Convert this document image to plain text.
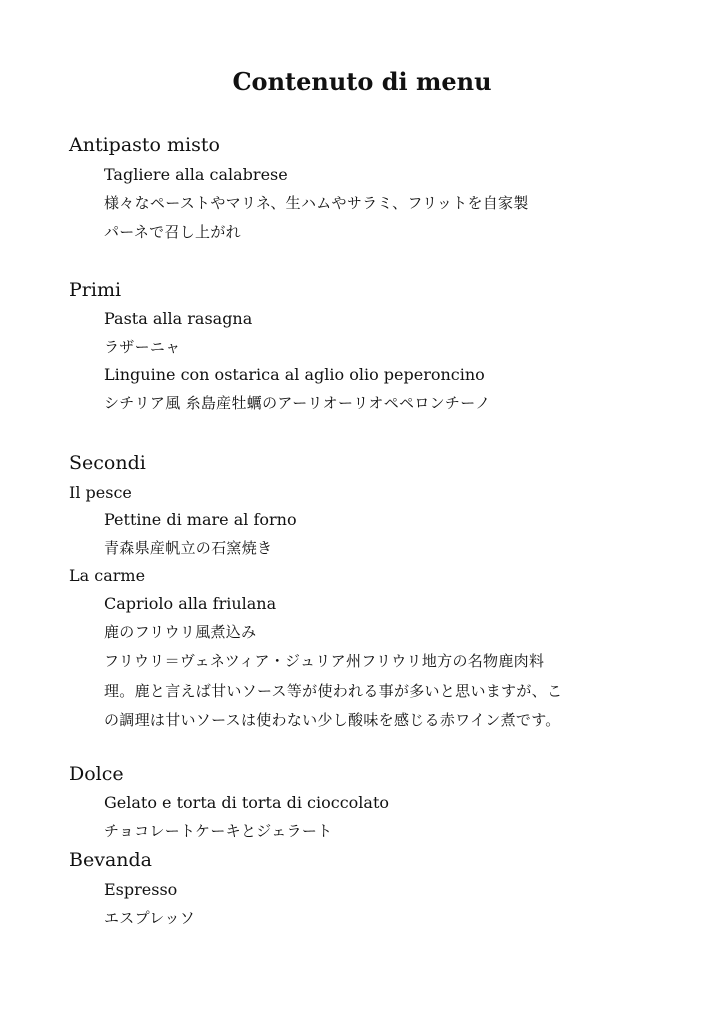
Contenuto di menu
Antipasto misto
Tagliere alla calabrese
様々なペーストやマリネ、生ハムやサラミ、フリットを自家製
パーネで召し上がれ
Primi
Pasta alla rasagna
ラザーニャ
Linguine con ostarica al aglio olio peperoncino
シチリア風 糸島産牡蠣のアーリオーリオペペロンチーノ
Secondi
Il pesce
Pettine di mare al forno
青森県産帆立の石窯焼き
La carme
Capriolo alla friulana
鹿のフリウリ風煮込み
フリウリ＝ヴェネツィア・ジュリア州フリウリ地方の名物鹿肉料
理。鹿と言えば甘いソース等が使われる事が多いと思いますが、こ
の調理は甘いソースは使わない少し酸味を感じる赤ワイン煮です。
Dolce
Gelato e torta di torta di cioccolato
チョコレートケーキとジェラート
Bevanda
Espresso
エスプレッソ
